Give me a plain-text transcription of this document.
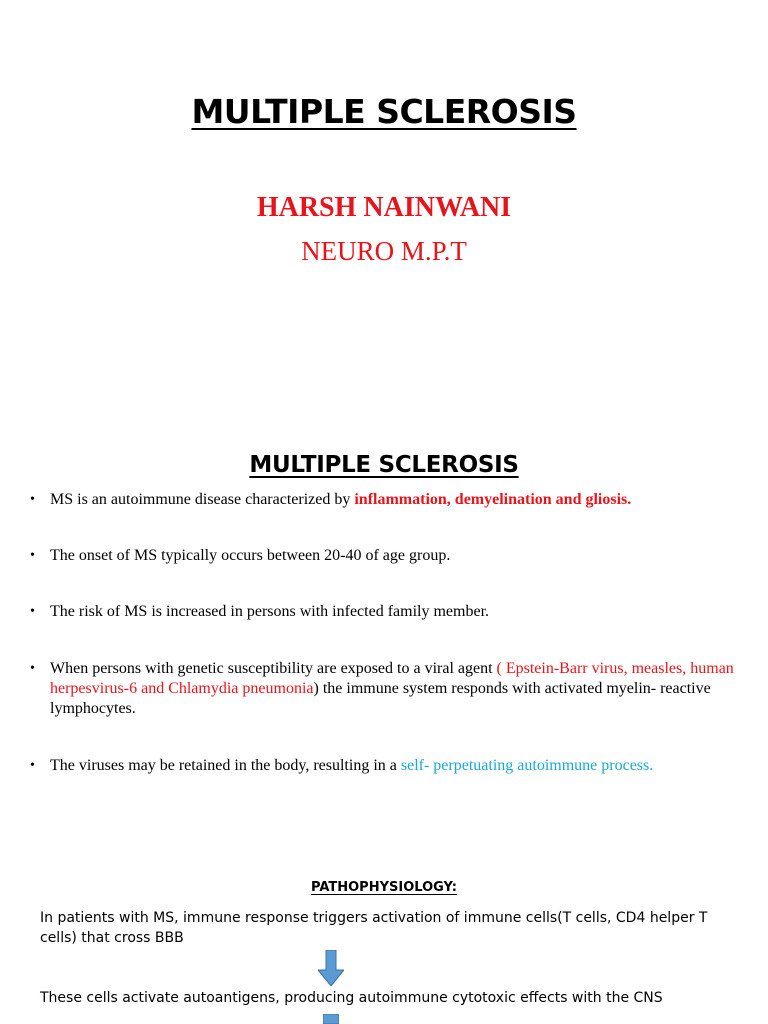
MULTIPLE SCLEROSIS
HARSH NAINWANI
NEURO M.P.T
MULTIPLE SCLEROSIS
• MS is an autoimmune disease characterized by inflammation, demyelination and gliosis.
• The onset of MS typically occurs between 20-40 of age group.
• The risk of MS is increased in persons with infected family member.
• When persons with genetic susceptibility are exposed to a viral agent ( Epstein-Barr virus, measles, human herpesvirus-6 and Chlamydia pneumonia) the immune system responds with activated myelin- reactive lymphocytes.
• The viruses may be retained in the body, resulting in a self- perpetuating autoimmune process.
PATHOPHYSIOLOGY:
In patients with MS, immune response triggers activation of immune cells(T cells, CD4 helper T cells) that cross BBB
These cells activate autoantigens, producing autoimmune cytotoxic effects with the CNS
